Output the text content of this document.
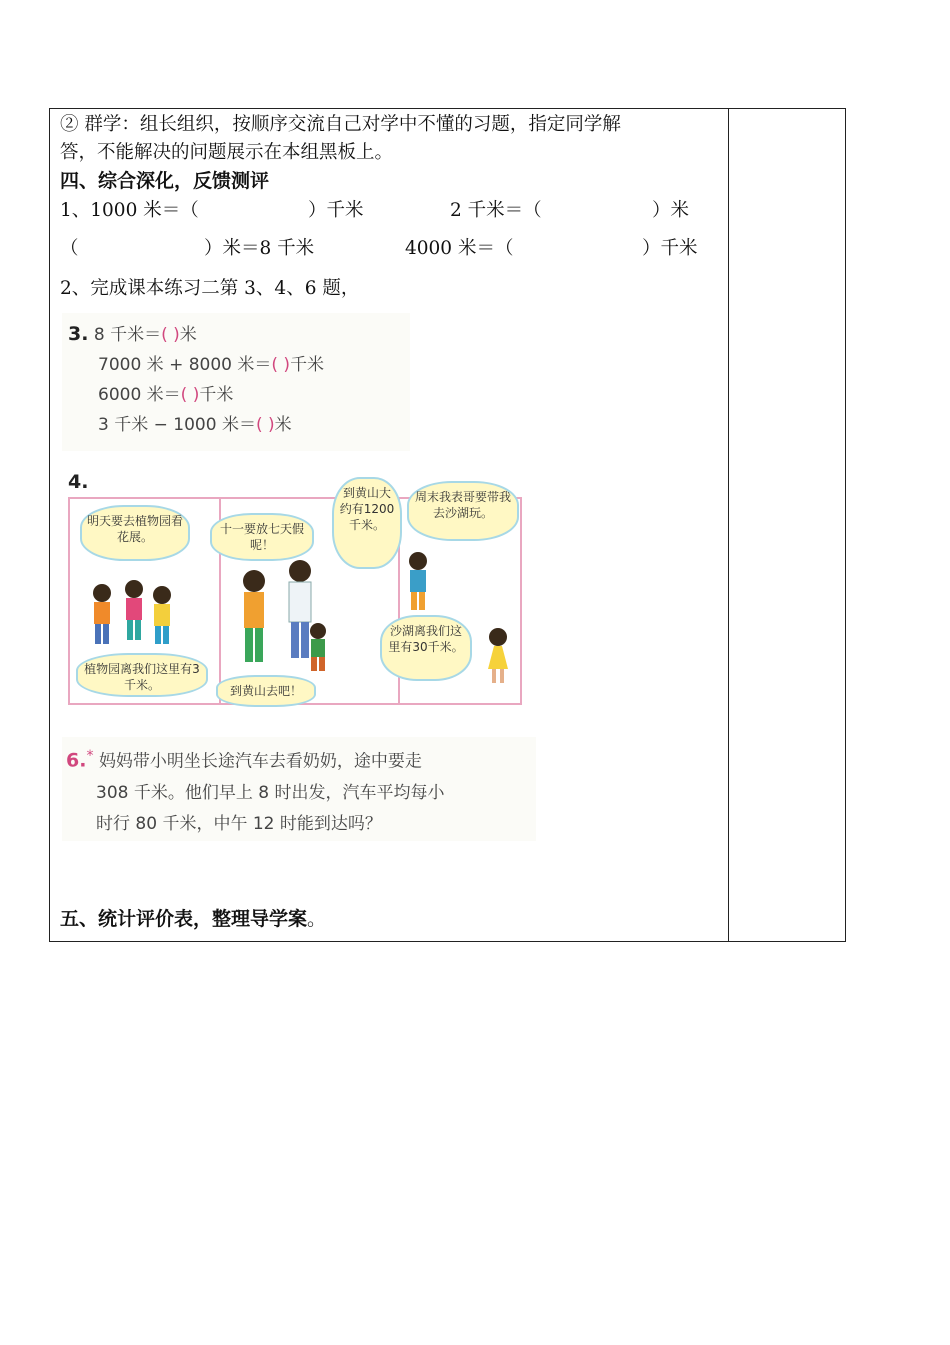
② 群学：组长组织，按顺序交流自己对学中不懂的习题，指定同学解
答，不能解决的问题展示在本组黑板上。
四、综合深化，反馈测评
1、1000 米＝（	）千米	2 千米＝（	）米
（	）米＝8 千米	4000 米＝（	）千米
2、完成课本练习二第 3、4、6 题，
3. 8 千米＝( )米
7000 米 + 8000 米＝( )千米
6000 米＝( )千米
3 千米 − 1000 米＝( )米
4.
明天要去植物园看花展。
十一要放七天假呢！
到黄山大约有1200千米。
周末我表哥要带我去沙湖玩。
植物园离我们这里有3千米。	到黄山去吧！
沙湖离我们这里有30千米。
6.* 妈妈带小明坐长途汽车去看奶奶，途中要走
308 千米。他们早上 8 时出发，汽车平均每小
时行 80 千米，中午 12 时能到达吗？
五、统计评价表，整理导学案。
